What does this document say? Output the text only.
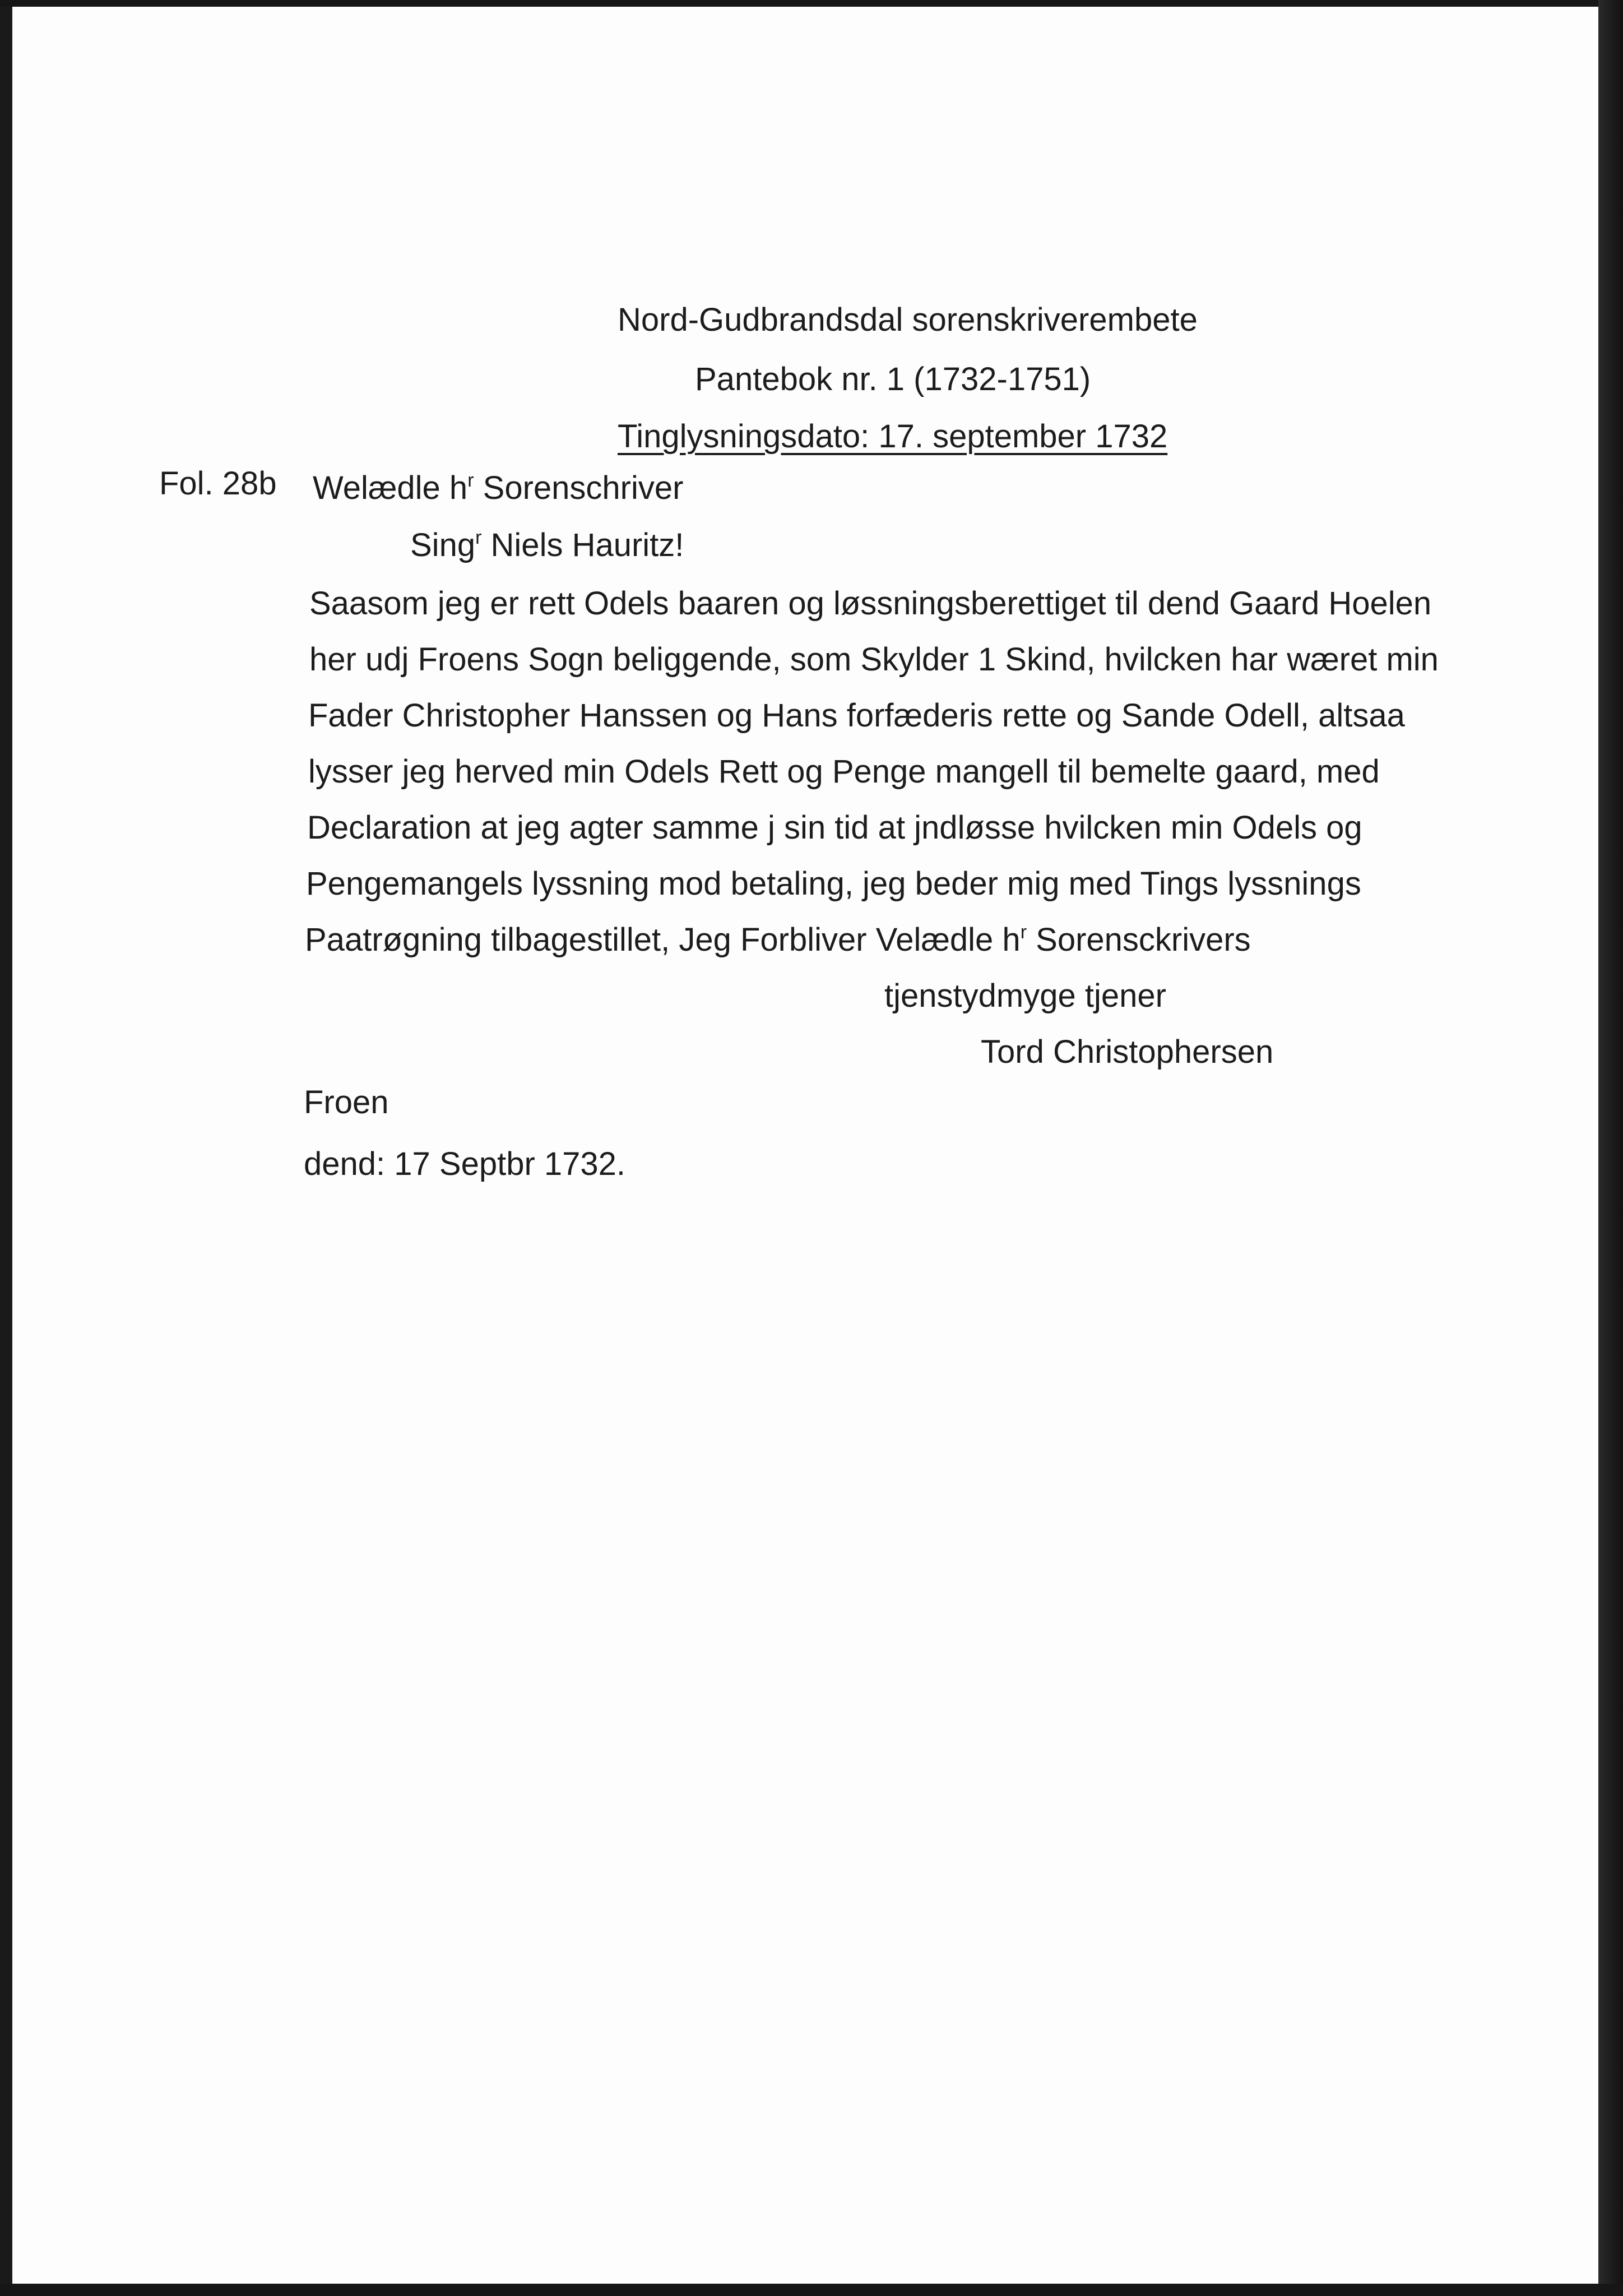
Nord-Gudbrandsdal sorenskriverembete
Pantebok nr. 1 (1732-1751)
Tinglysningsdato: 17. september 1732
Fol. 28b Welædle $h^r$ Sorenschriver
Sing$^r$ Niels Hauritz!
Saasom jeg er rett Odels baaren og løssningsberettiget til dend Gaard Hoelen
her udj Froens Sogn beliggende, som Skylder 1 Skind, hvilcken har wæret min
Fader Christopher Hanssen og Hans forfæderis rette og Sande Odell, altsaa
lysser jeg herved min Odels Rett og Penge mangell til bemelte gaard, med
Declaration at jeg agter samme j sin tid at jndløsse hvilcken min Odels og
Pengemangels lyssning mod betaling, jeg beder mig med Tings lyssnings
Paatrøgning tilbagestillet, Jeg Forbliver Velædle $h^r$ Sorensckrivers
tjenstydmyge tjener
Tord Christophersen
Froen
dend: 17 Septbr 1732.
